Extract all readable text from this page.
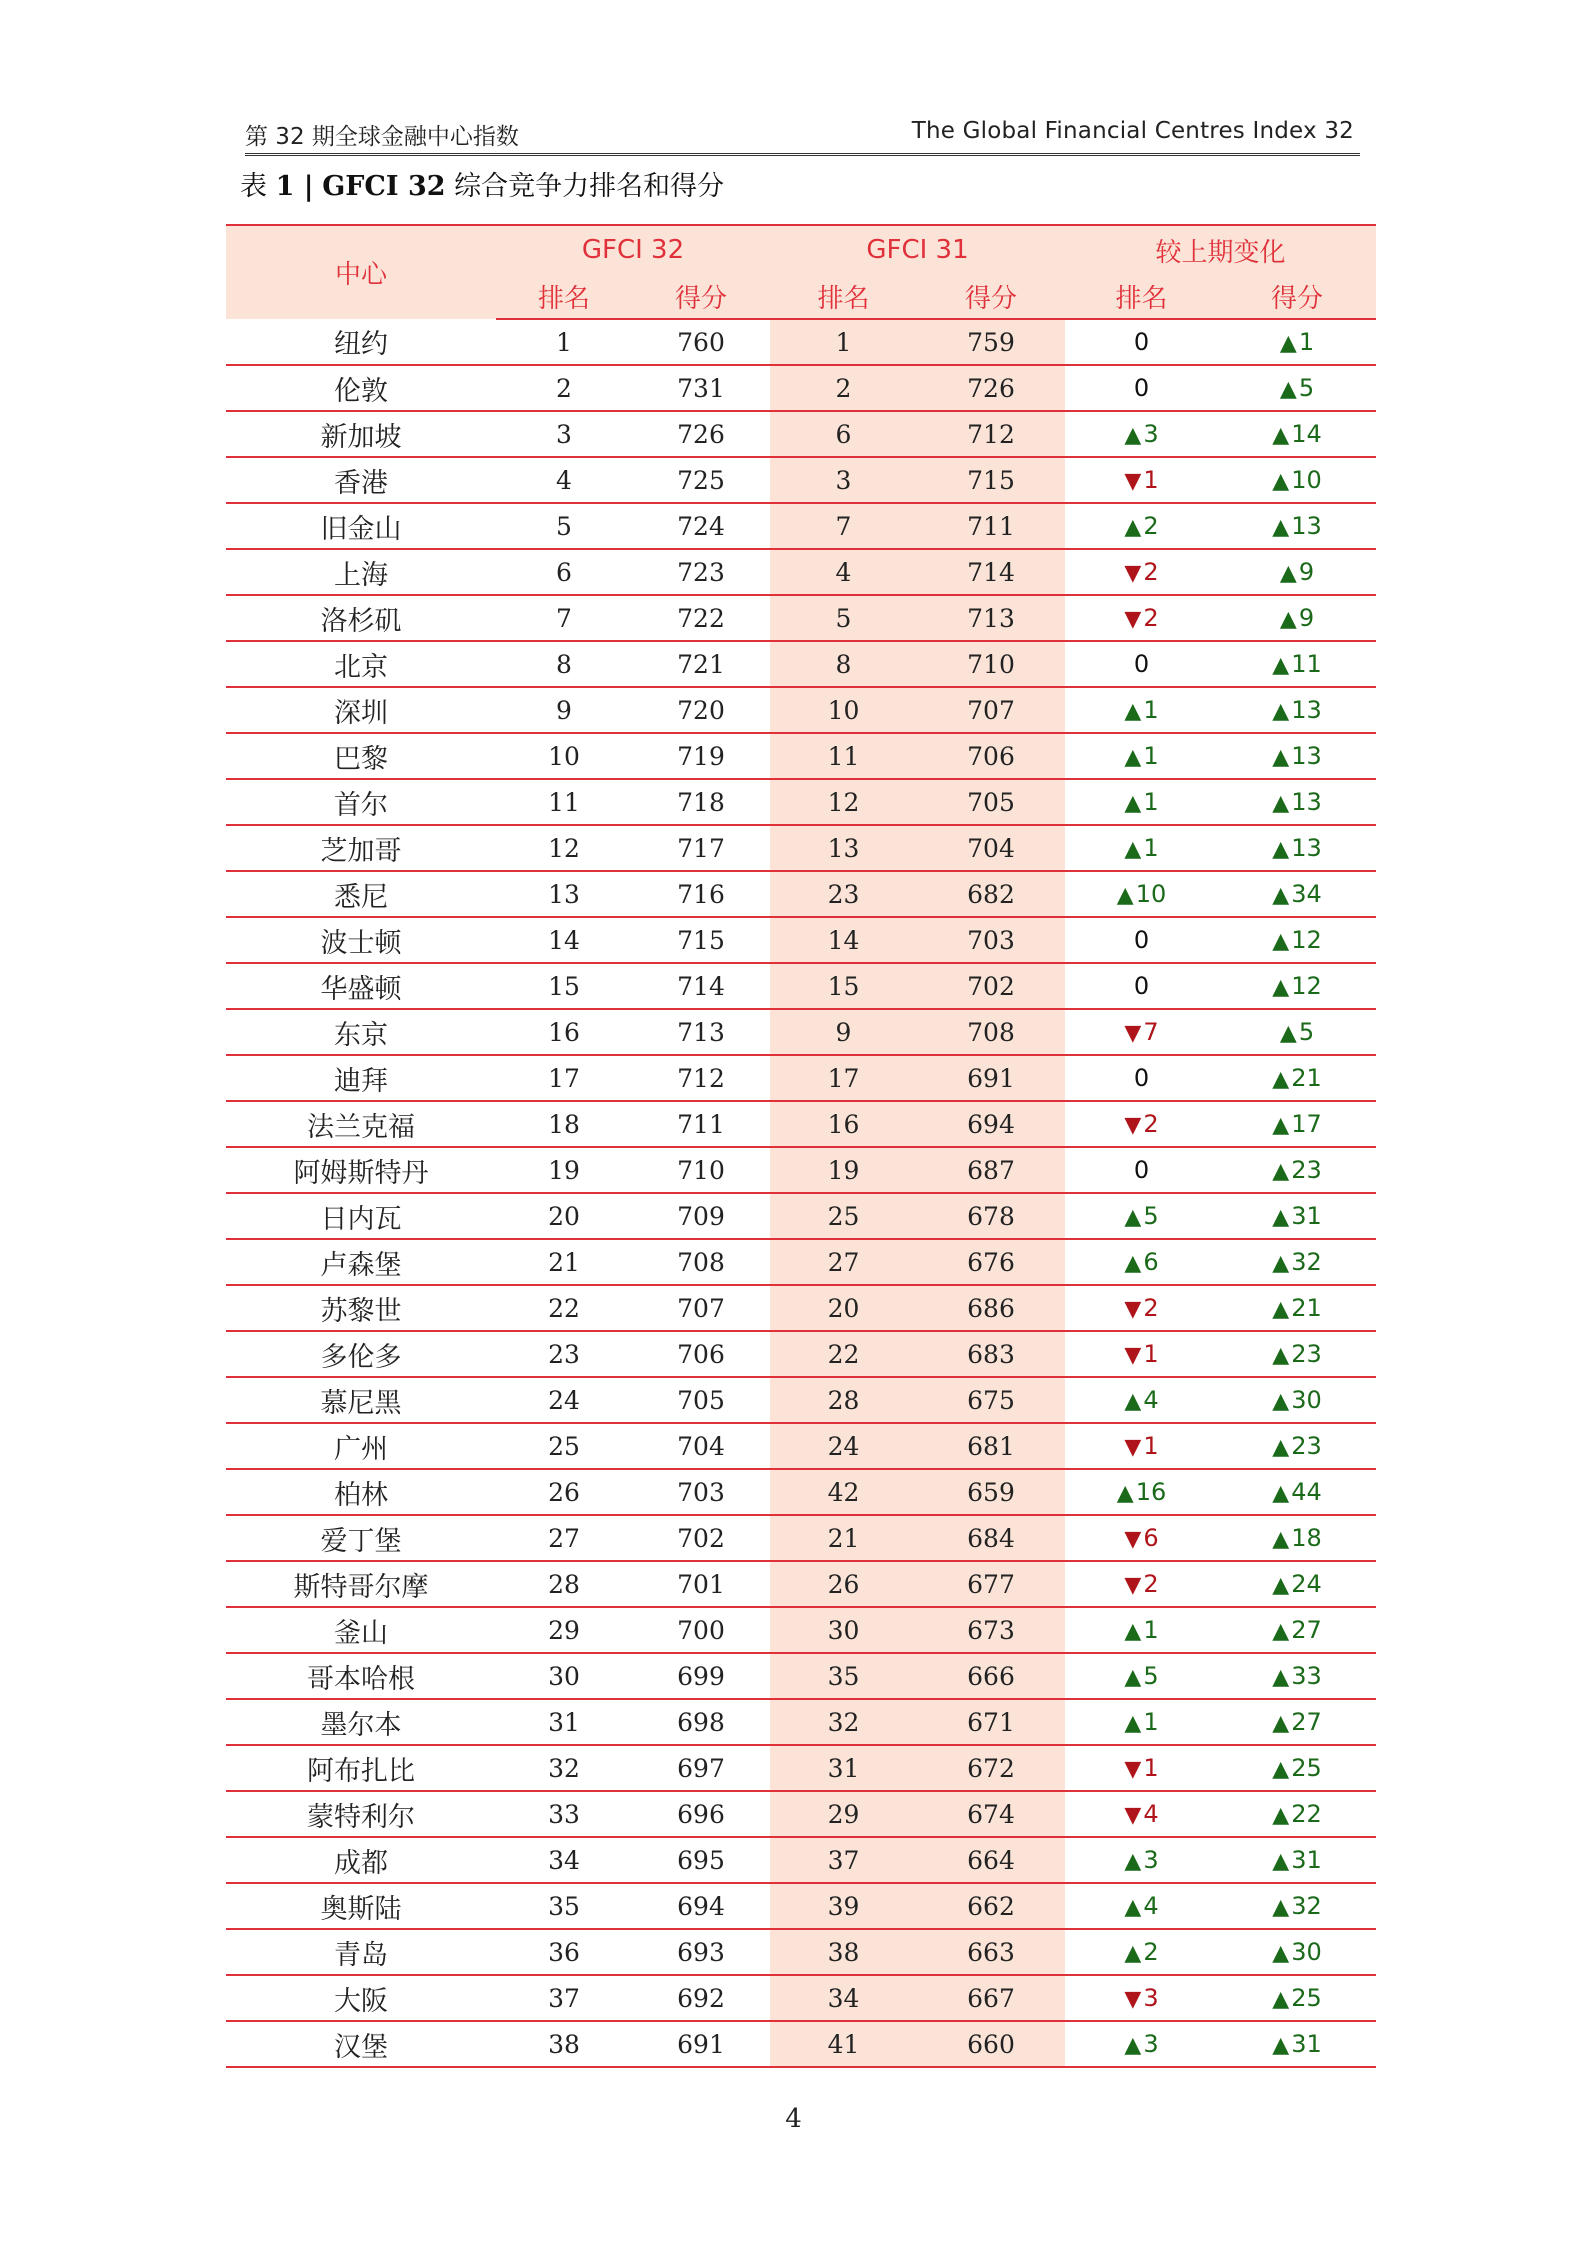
第 32 期全球金融中心指数	The Global Financial Centres Index 32
表 1 | GFCI 32 综合竞争力排名和得分
中心	GFCI 32		GFCI 31		较上期变化	
	排名	得分	排名	得分	排名	得分
纽约	1	760	1	759	0	▲1
伦敦	2	731	2	726	0	▲5
新加坡	3	726	6	712	▲3	▲14
香港	4	725	3	715	▼1	▲10
旧金山	5	724	7	711	▲2	▲13
上海	6	723	4	714	▼2	▲9
洛杉矶	7	722	5	713	▼2	▲9
北京	8	721	8	710	0	▲11
深圳	9	720	10	707	▲1	▲13
巴黎	10	719	11	706	▲1	▲13
首尔	11	718	12	705	▲1	▲13
芝加哥	12	717	13	704	▲1	▲13
悉尼	13	716	23	682	▲10	▲34
波士顿	14	715	14	703	0	▲12
华盛顿	15	714	15	702	0	▲12
东京	16	713	9	708	▼7	▲5
迪拜	17	712	17	691	0	▲21
法兰克福	18	711	16	694	▼2	▲17
阿姆斯特丹	19	710	19	687	0	▲23
日内瓦	20	709	25	678	▲5	▲31
卢森堡	21	708	27	676	▲6	▲32
苏黎世	22	707	20	686	▼2	▲21
多伦多	23	706	22	683	▼1	▲23
慕尼黑	24	705	28	675	▲4	▲30
广州	25	704	24	681	▼1	▲23
柏林	26	703	42	659	▲16	▲44
爱丁堡	27	702	21	684	▼6	▲18
斯特哥尔摩	28	701	26	677	▼2	▲24
釜山	29	700	30	673	▲1	▲27
哥本哈根	30	699	35	666	▲5	▲33
墨尔本	31	698	32	671	▲1	▲27
阿布扎比	32	697	31	672	▼1	▲25
蒙特利尔	33	696	29	674	▼4	▲22
成都	34	695	37	664	▲3	▲31
奥斯陆	35	694	39	662	▲4	▲32
青岛	36	693	38	663	▲2	▲30
大阪	37	692	34	667	▼3	▲25
汉堡	38	691	41	660	▲3	▲31
4
